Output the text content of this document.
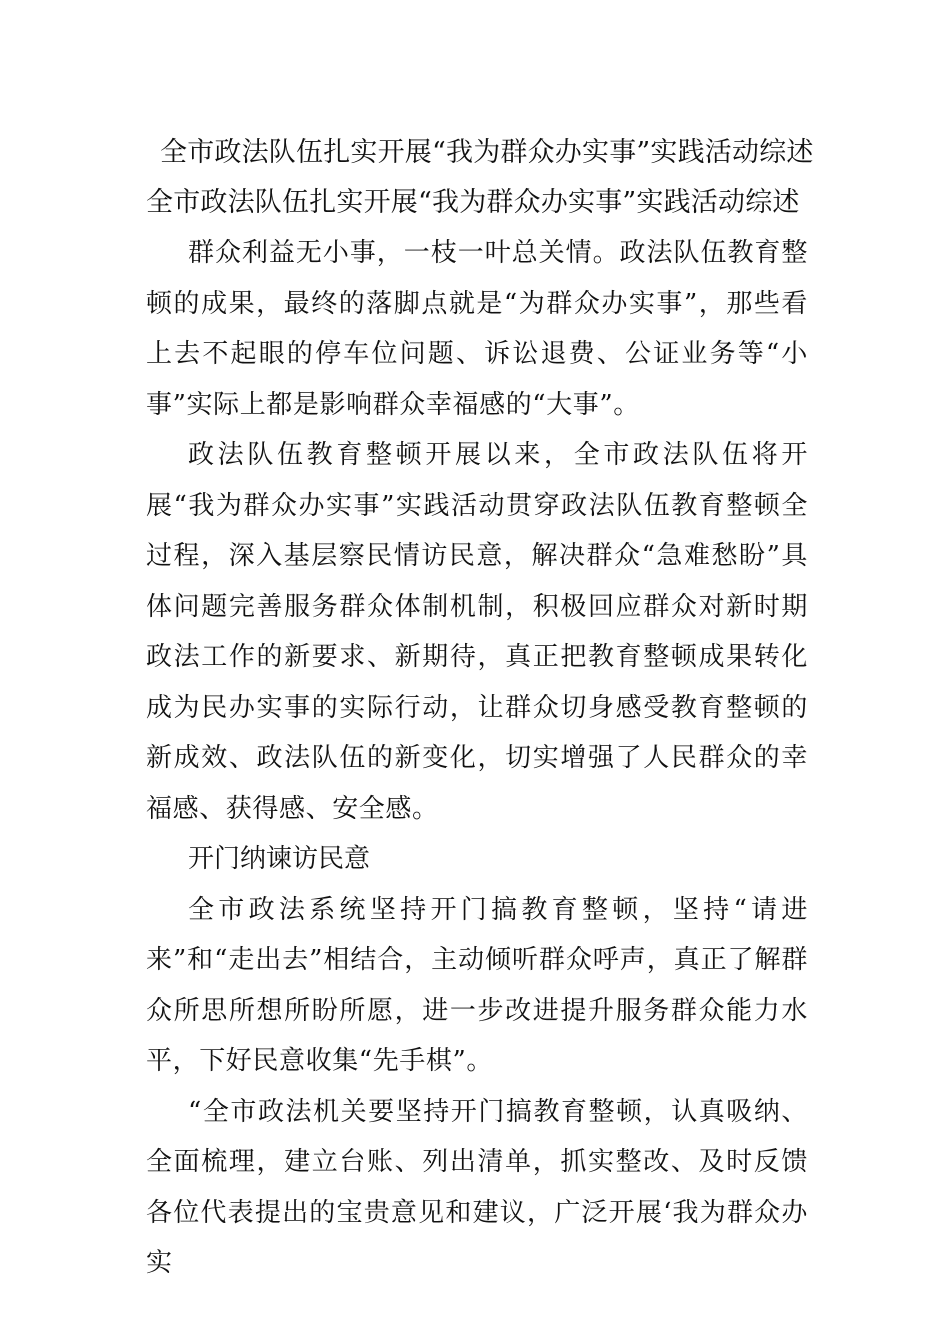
全市政法队伍扎实开展“我为群众办实事”实践活动综述
全市政法队伍扎实开展“我为群众办实事”实践活动综述

群众利益无小事，一枝一叶总关情。政法队伍教育整顿的成果，最终的落脚点就是“为群众办实事”，那些看上去不起眼的停车位问题、诉讼退费、公证业务等“小事”实际上都是影响群众幸福感的“大事”。

政法队伍教育整顿开展以来，全市政法队伍将开展“我为群众办实事”实践活动贯穿政法队伍教育整顿全过程，深入基层察民情访民意，解决群众“急难愁盼”具体问题完善服务群众体制机制，积极回应群众对新时期政法工作的新要求、新期待，真正把教育整顿成果转化成为民办实事的实际行动，让群众切身感受教育整顿的新成效、政法队伍的新变化，切实增强了人民群众的幸福感、获得感、安全感。

开门纳谏访民意

全市政法系统坚持开门搞教育整顿，坚持“请进来”和“走出去”相结合，主动倾听群众呼声，真正了解群众所思所想所盼所愿，进一步改进提升服务群众能力水平，下好民意收集“先手棋”。

“全市政法机关要坚持开门搞教育整顿，认真吸纳、全面梳理，建立台账、列出清单，抓实整改、及时反馈各位代表提出的宝贵意见和建议，广泛开展‘我为群众办实
